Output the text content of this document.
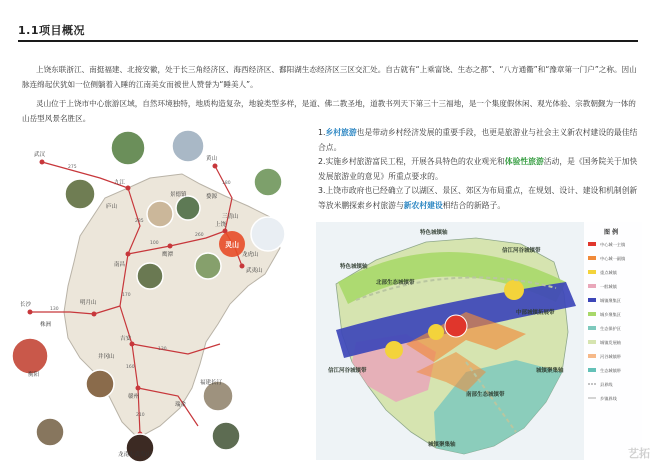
1.1项目概况
上饶东联浙江、南挺福建、北接安徽，处于长三角经济区、海西经济区、鄱阳湖生态经济区三区交汇处。自古就有“上乘富饶、生态之都”、“八方通衢”和“豫章第一门户”之称。因山脉连绵起伏犹如一位侧躺着入睡的江南美女而被世人赞誉为“睡美人”。
灵山位于上饶市中心旅游区域，自然环境独特，地质构造复杂，地貌类型多样，是道、佛二教圣地，道教书列天下第三十三福地，是一个集度假休闲、观光体验、宗教朝觐为一体的山岳型风景名胜区。
灵山
武汉
南昌
九江
长沙
株洲
黄山
景德镇	婺源
上饶
鹰潭
三清山
龙虎山
武夷山
井冈山
瑞金
赣州
吉安
明月山
庐山
衡阳
龙南小武当山
福建长汀
275
285
100
260
180
170
130
160
130
210
1.乡村旅游也是带动乡村经济发展的重要手段，也更是旅游业与社会主义新农村建设的最佳结合点。
2.实施乡村旅游富民工程，开展各具特色的农业观光和体验性旅游活动，是《国务院关于加快发展旅游业的意见》所重点要求的。
3.上饶市政府也已经确立了以湖区、景区、郊区为布局重点，在规划、设计、建设和机制创新等放米鹏探索乡村旅游与新农村建设相结合的新路子。
特色城镇轴
特色城镇轴
信江河谷城镇带
信江河谷城镇带
中部城镇拓展带
城镇聚集轴
城镇聚集轴
南部生态城镇带
北部生态城镇带
图 例
中心城一主镇
中心城一副镇
重点城镇
一般城镇
城镇聚集区
城乡聚集区
生态保护区
城镇发展轴
河谷城镇带
生态城镇带
县界线
乡镇界线
艺拓
